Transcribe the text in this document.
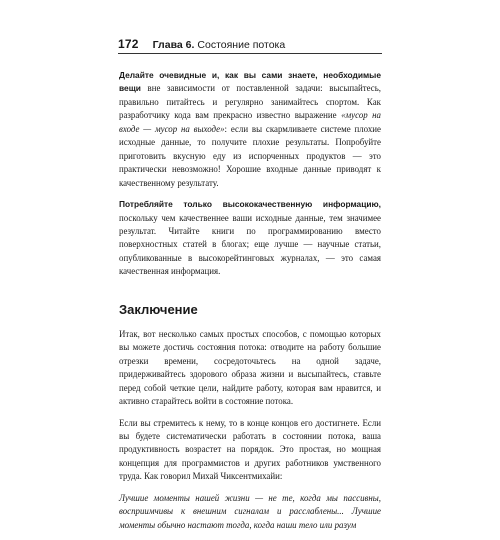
172 Глава 6. Состояние потока

Делайте очевидные и, как вы сами знаете, необходимые вещи вне зависимости от поставленной задачи: высыпайтесь, правильно питайтесь и регулярно занимайтесь спортом. Как разработчику кода вам прекрасно известно выражение «мусор на входе — мусор на выходе»: если вы скармливаете системе плохие исходные данные, то получите плохие результаты. Попробуйте приготовить вкусную еду из испорченных продуктов — это практически невозможно! Хорошие входные данные приводят к качественному результату.

Потребляйте только высококачественную информацию, поскольку чем качественнее ваши исходные данные, тем значимее результат. Читайте книги по программированию вместо поверхностных статей в блогах; еще лучше — научные статьи, опубликованные в высокорейтинговых журналах, — это самая качественная информация.

Заключение

Итак, вот несколько самых простых способов, с помощью которых вы можете достичь состояния потока: отводите на работу большие отрезки времени, сосредоточьтесь на одной задаче, придерживайтесь здорового образа жизни и высыпайтесь, ставьте перед собой четкие цели, найдите работу, которая вам нравится, и активно старайтесь войти в состояние потока.

Если вы стремитесь к нему, то в конце концов его достигнете. Если вы будете систематически работать в состоянии потока, ваша продуктивность возрастет на порядок. Это простая, но мощная концепция для программистов и других работников умственного труда. Как говорил Михай Чиксентмихайи:

Лучшие моменты нашей жизни — не те, когда мы пассивны, восприимчивы к внешним сигналам и расслаблены... Лучшие моменты обычно настают тогда, когда наши тело или разум
